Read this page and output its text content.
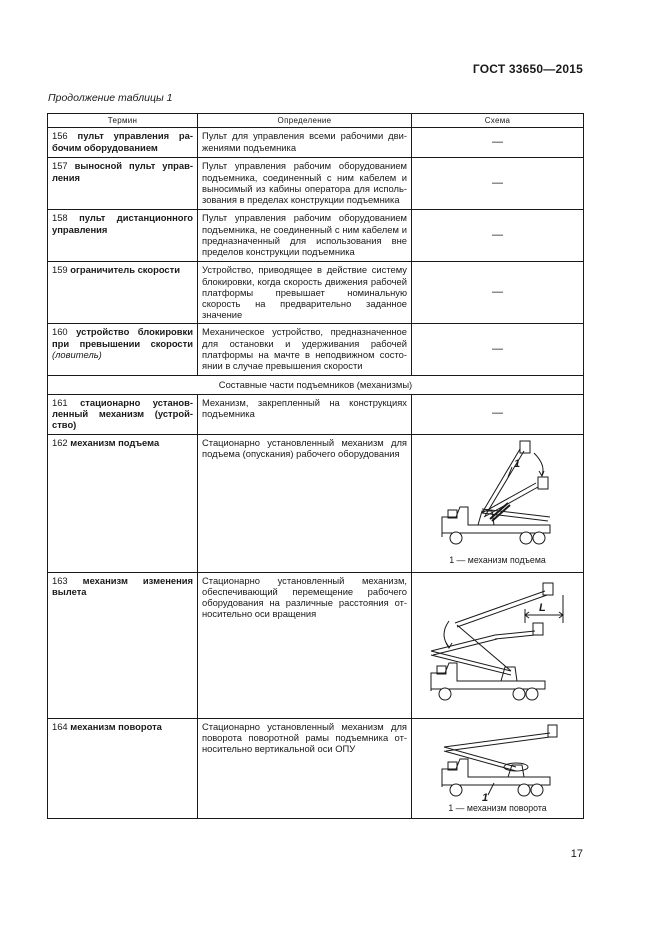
ГОСТ 33650—2015
Продолжение таблицы 1
Термин	Определение	Схема
156 пульт управления рабочим оборудованием	Пульт для управления всеми рабочими движениями подъемника	—
157 выносной пульт управления	Пульт управления рабочим оборудованием подъемника, соединенный с ним кабелем и выносимый из кабины оператора для использования в пределах конструкции подъемника	—
158 пульт дистанционного управления	Пульт управления рабочим оборудованием подъемника, не соединенный с ним кабелем и предназначенный для использования вне пределов конструкции подъемника	—
159 ограничитель скорости	Устройство, приводящее в действие систему блокировки, когда скорость движения рабочей платформы превышает номинальную скорость на предварительно заданное значение	—
160 устройство блокировки при превышении скорости (ловитель)	Механическое устройство, предназначенное для остановки и удерживания рабочей платформы на мачте в неподвижном состоянии в случае превышения скорости	—
Составные части подъемников (механизмы)		
161 стационарно установленный механизм (устройство)	Механизм, закрепленный на конструкциях подъемника	—
162 механизм подъема	Стационарно установленный механизм для подъема (опускания) рабочего оборудования	1
1 — механизм подъема

163 механизм изменения вылета	Стационарно установленный механизм, обеспечивающий перемещение рабочего оборудования на различные расстояния относительно оси вращения	L

164 механизм поворота	Стационарно установленный механизм для поворота поворотной рамы подъемника относительно вертикальной оси ОПУ	1
1 — механизм поворота
17
